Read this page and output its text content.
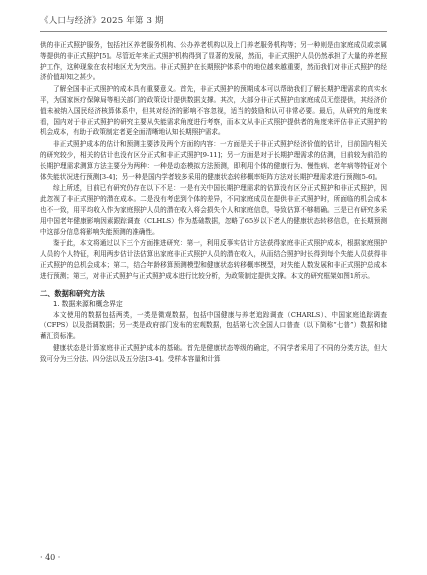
《人口与经济》2025 年第 3 期

供的非正式照护服务，包括社区养老服务机构、公办养老机构以及上门养老服务机构等；另一种则是由家庭成员或亲属等提供的非正式照护[5]。尽管近年来正式照护机构得到了显著的发展，然而，非正式照护人员仍然承担了大量的养老照护工作，这种现象在农村地区尤为突出。非正式照护在长期照护体系中的地位越来越重要，然而我们对非正式照护的经济价值却知之甚少。

了解全国非正式照护的成本具有重要意义。首先，非正式照护的预期成本可以帮助我们了解长期护理需求的真实水平，为国家医疗保障局等相关部门的政策设计提供数据支撑。其次，大部分非正式照护由家庭成员无偿提供，其经济价值未被纳入国民经济核算体系中，但其对经济的影响不容忽视，适当的鼓励和认可非常必要。最后，从研究的角度来看，国内对于非正式照护的研究主要从失能需求角度进行考察，而本文从非正式照护提供者的角度来评估非正式照护的机会成本，有助于政策制定者更全面清晰地认知长期照护需求。

非正式照护成本的估计和预测主要涉及两个方面的内容：一方面是关于非正式照护经济价值的估计，目前国内相关的研究较少，相关的估计也没有区分正式和非正式照护[9-11]；另一方面是对于长期护理需求的估测，目前较为前沿的长期护理需求测算方法主要分为两种：一种是动态模拟方法预测，即利用个体的健康行为、慢性病、老年病等特征对个体失能状况进行预测[3-4]；另一种是国内学者较多采用的健康状态转移概率矩阵方法对长期护理需求进行预测[5-6]。

综上所述，目前已有研究仍存在以下不足：一是有关中国长期护理需求的估算没有区分正式照护和非正式照护，因此忽视了非正式照护的潜在成本。二是没有考虑到个体的差异，不同家庭成员在提供非正式照护时，所面临的机会成本也不一致，用平均收入作为家庭照护人员的潜在收入将会损失个人和家庭信息，导致估算不够精确。三是已有研究多采用中国老年健康影响因素跟踪调查（CLHLS）作为基础数据，忽略了65岁以下老人的健康状态转移信息，在长期预测中这部分信息将影响失能预测的准确性。

鉴于此，本文将通过以下三个方面推进研究：第一，利用反事实估计方法获得家庭非正式照护成本，根据家庭照护人员的个人特征，利用两步估计法估算出家庭非正式照护人员的潜在收入，从而结合照护时长得到每个失能人员获得非正式照护的总机会成本；第二，结合年龄移算预测模型和健康状态转移概率模型，对失能人数发展和非正式照护总成本进行预测；第三，对非正式照护与正式照护成本进行比较分析，为政策制定提供支撑。本文的研究框架如图1所示。

二、数据和研究方法
1. 数据来源和概念界定

本文使用的数据包括两类，一类是微观数据，包括中国健康与养老追踪调查（CHARLS）、中国家庭追踪调查（CFPS）以及指调数据；另一类是政府部门发布的宏观数据，包括第七次全国人口普查（以下简称“七普”）数据和储蓄汇资标准。

健康状态是计算家庭非正式照护成本的基础。首先是健康状态等级的确定，不同学者采用了不同的分类方法，但大致可分为三分法、四分法以及五分法[3-4]。受样本容量和计算

· 40 ·
